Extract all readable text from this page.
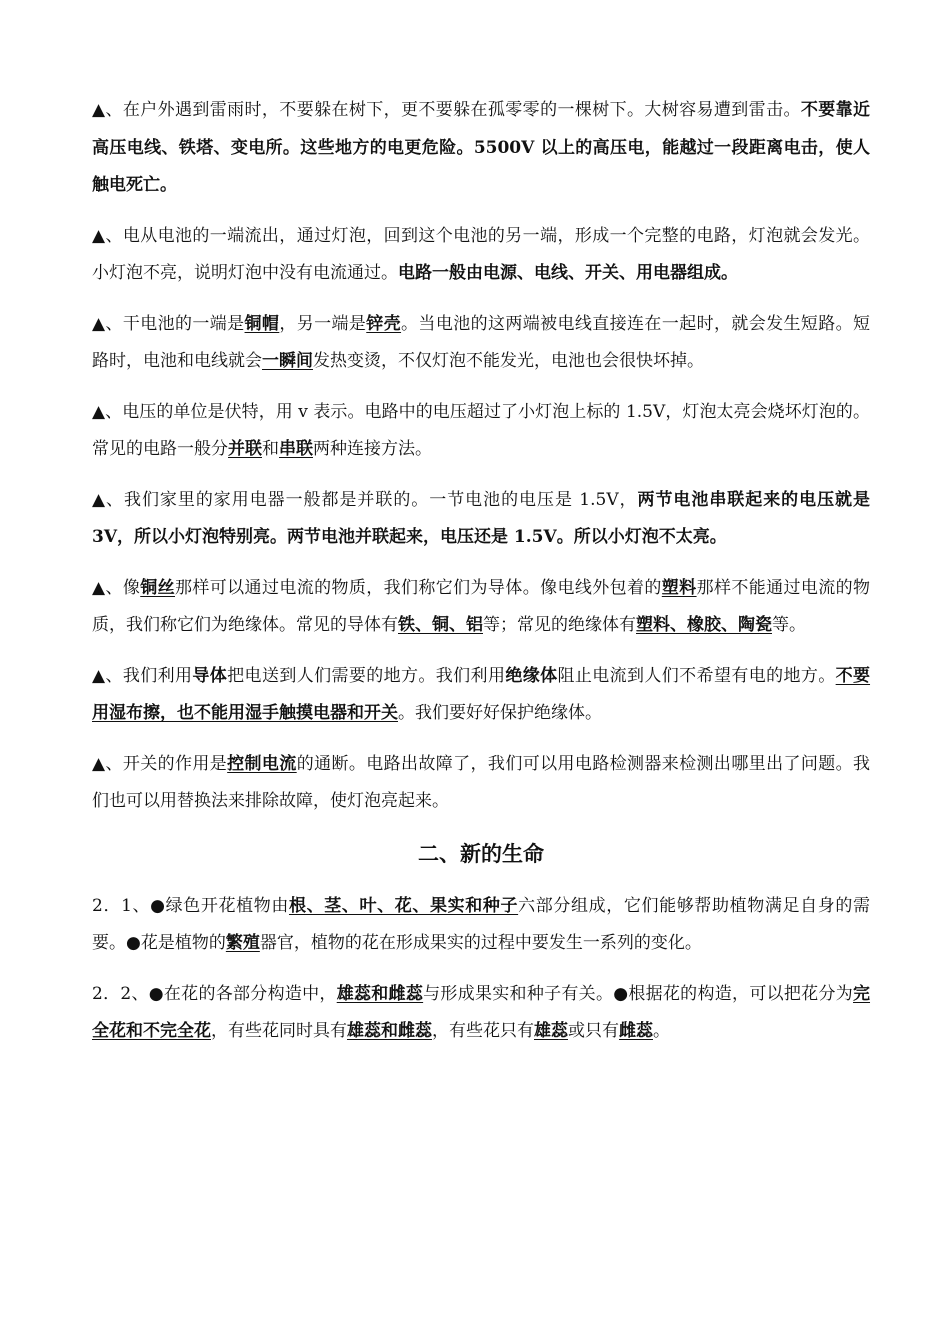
▲、在户外遇到雷雨时，不要躲在树下，更不要躲在孤零零的一棵树下。大树容易遭到雷击。不要靠近高压电线、铁塔、变电所。这些地方的电更危险。5500V 以上的高压电，能越过一段距离电击，使人触电死亡。
▲、电从电池的一端流出，通过灯泡，回到这个电池的另一端，形成一个完整的电路，灯泡就会发光。小灯泡不亮，说明灯泡中没有电流通过。电路一般由电源、电线、开关、用电器组成。
▲、干电池的一端是铜帽，另一端是锌壳。当电池的这两端被电线直接连在一起时，就会发生短路。短路时，电池和电线就会一瞬间发热变烫，不仅灯泡不能发光，电池也会很快坏掉。
▲、电压的单位是伏特，用 v 表示。电路中的电压超过了小灯泡上标的 1.5V，灯泡太亮会烧坏灯泡的。常见的电路一般分并联和串联两种连接方法。
▲、我们家里的家用电器一般都是并联的。一节电池的电压是 1.5V，两节电池串联起来的电压就是 3V，所以小灯泡特别亮。两节电池并联起来，电压还是 1.5V。所以小灯泡不太亮。
▲、像铜丝那样可以通过电流的物质，我们称它们为导体。像电线外包着的塑料那样不能通过电流的物质，我们称它们为绝缘体。常见的导体有铁、铜、铝等；常见的绝缘体有塑料、橡胶、陶瓷等。
▲、我们利用导体把电送到人们需要的地方。我们利用绝缘体阻止电流到人们不希望有电的地方。不要用湿布擦，也不能用湿手触摸电器和开关。我们要好好保护绝缘体。
▲、开关的作用是控制电流的通断。电路出故障了，我们可以用电路检测器来检测出哪里出了问题。我们也可以用替换法来排除故障，使灯泡亮起来。
二、新的生命
2．1、●绿色开花植物由根、茎、叶、花、果实和种子六部分组成，它们能够帮助植物满足自身的需要。●花是植物的繁殖器官，植物的花在形成果实的过程中要发生一系列的变化。
2．2、●在花的各部分构造中，雄蕊和雌蕊与形成果实和种子有关。●根据花的构造，可以把花分为完全花和不完全花，有些花同时具有雄蕊和雌蕊，有些花只有雄蕊或只有雌蕊。
